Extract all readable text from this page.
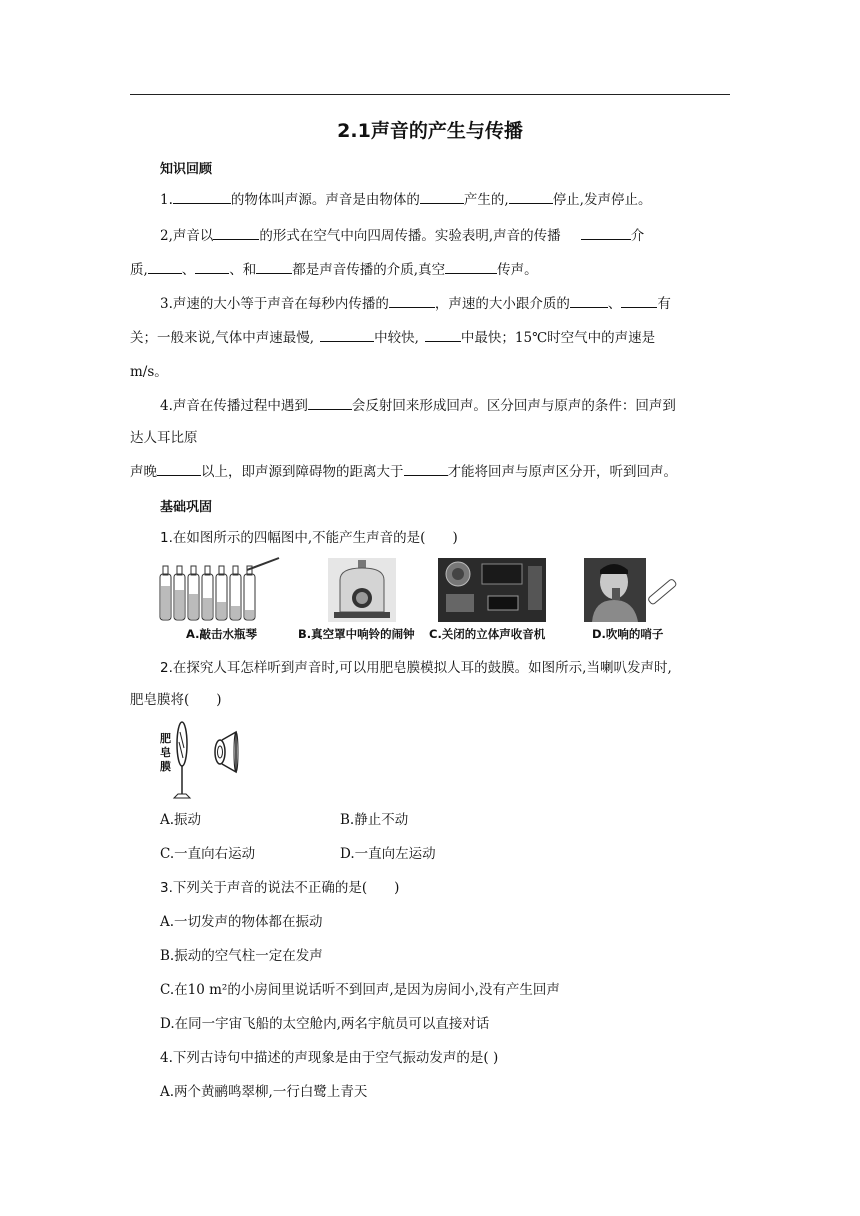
2.1声音的产生与传播
知识回顾
1.	的物体叫声源。声音是由物体的	产生的,	停止,发声停止。
2,声音以	的形式在空气中向四周传播。实验表明,声音的传播	介
质,	、	、和	都是声音传播的介质,真空	传声。
3.声速的大小等于声音在每秒内传播的	，声速的大小跟介质的	、	有
关；一般来说,气体中声速最慢,	中较快,	中最快；15℃时空气中的声速是
m/s。
4.声音在传播过程中遇到	会反射回来形成回声。区分回声与原声的条件：回声到
达人耳比原
声晚	以上，即声源到障碍物的距离大于	才能将回声与原声区分开，听到回声。
基础巩固
1.在如图所示的四幅图中,不能产生声音的是(　　)
A.敲击水瓶琴	B.真空罩中响铃的闹钟 C.关闭的立体声收音机	D.吹响的哨子
2.在探究人耳怎样听到声音时,可以用肥皂膜模拟人耳的鼓膜。如图所示,当喇叭发声时,
肥皂膜将(　　)
肥皂膜
A.振动	B.静止不动
C.一直向右运动	D.一直向左运动
3.下列关于声音的说法不正确的是(　　)
A.一切发声的物体都在振动
B.振动的空气柱一定在发声
C.在10 m²的小房间里说话听不到回声,是因为房间小,没有产生回声
D.在同一宇宙飞船的太空舱内,两名宇航员可以直接对话
4.下列古诗句中描述的声现象是由于空气振动发声的是( )
A.两个黄鹂鸣翠柳,一行白鹭上青天
